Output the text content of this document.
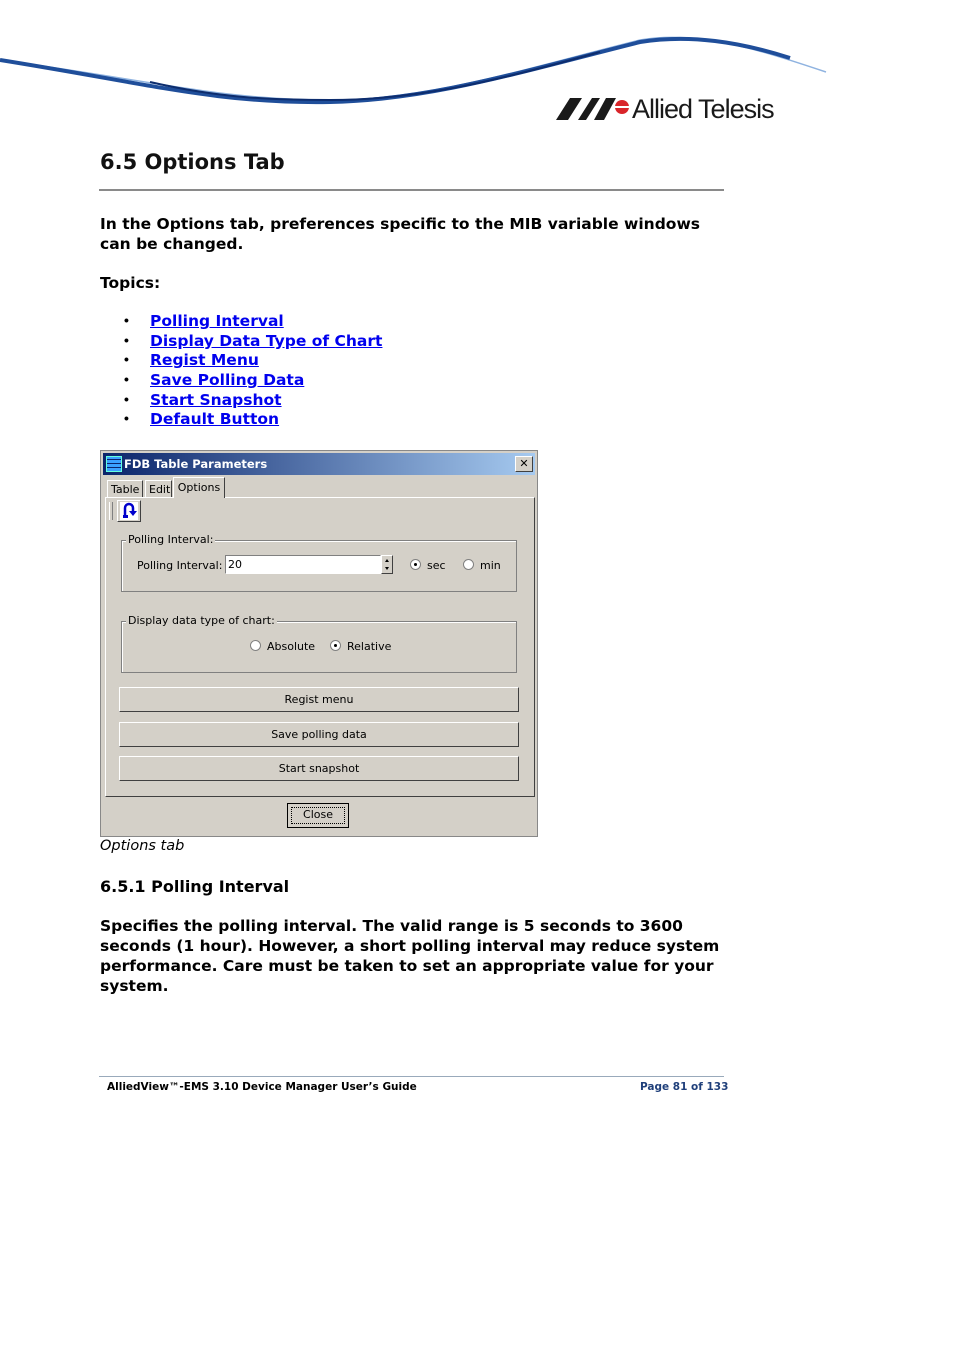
Allied Telesis
6.5 Options Tab
In the Options tab, preferences specific to the MIB variable windows can be changed.
Topics:
• Polling Interval
• Display Data Type of Chart
• Regist Menu
• Save Polling Data
• Start Snapshot
• Default Button
FDB Table Parameters	✕
Table Edit Options
Polling Interval:
Polling Interval: 20	sec	min
Display data type of chart:
Absolute	Relative
Regist menu
Save polling data
Start snapshot
Close
Options tab
6.5.1 Polling Interval
Specifies the polling interval. The valid range is 5 seconds to 3600 seconds (1 hour). However, a short polling interval may reduce system performance. Care must be taken to set an appropriate value for your system.
AlliedView™-EMS 3.10 Device Manager User’s Guide	Page 81 of 133
